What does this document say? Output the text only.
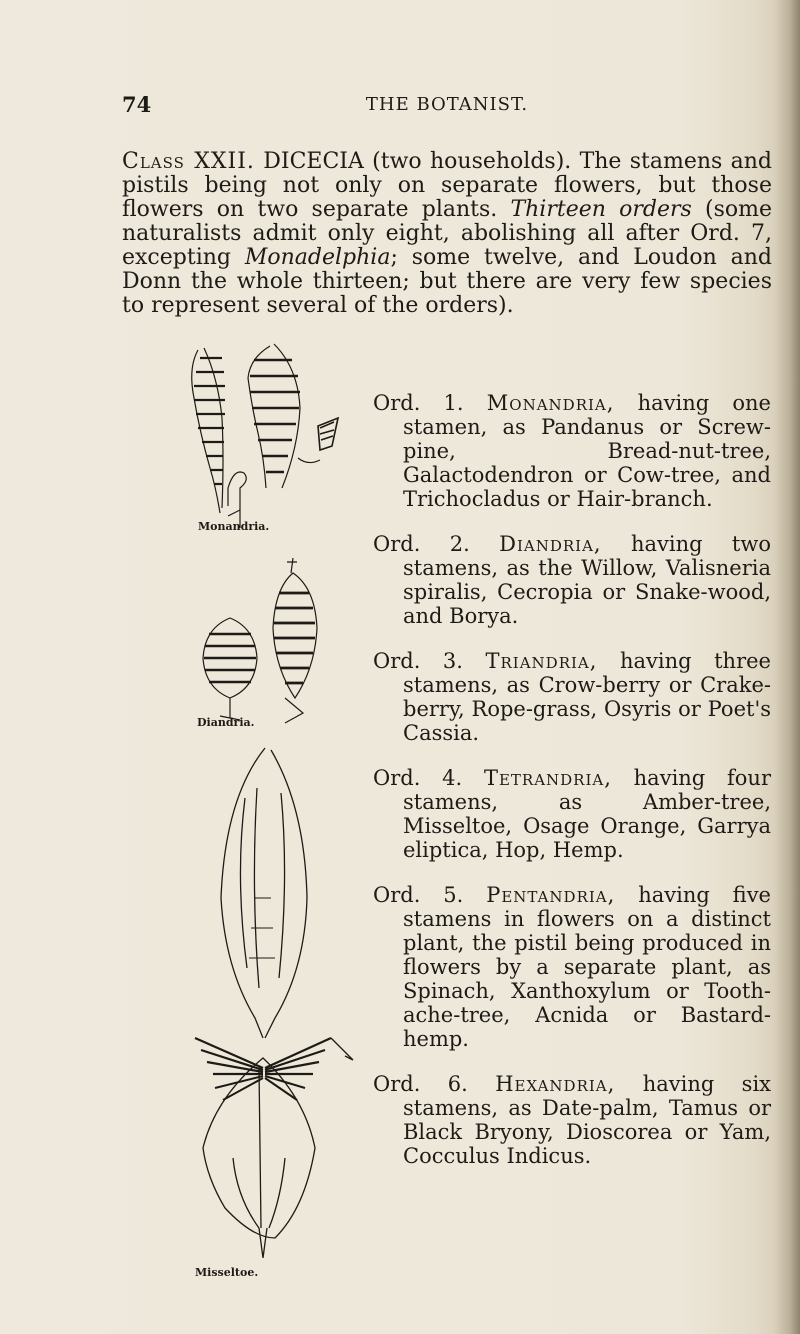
74	THE BOTANIST.
Class XXII. DICECIA (two households). The stamens and pistils being not only on separate flowers, but those flowers on two separate plants. Thirteen orders (some naturalists admit only eight, abolishing all after Ord. 7, excepting Monadelphia; some twelve, and Loudon and Donn the whole thirteen; but there are very few species to represent several of the orders).
Monandria.
Diandria.
Misseltoe.

Ord. 1. Monandria, having one stamen, as Pandanus or Screw-pine, Bread-nut-tree, Galactodendron or Cow-tree, and Trichocladus or Hair-branch.

Ord. 2. Diandria, having two stamens, as the Willow, Valisneria spiralis, Cecropia or Snake-wood, and Borya.

Ord. 3. Triandria, having three stamens, as Crow-berry or Crake-berry, Rope-grass, Osyris or Poet's Cassia.

Ord. 4. Tetrandria, having four stamens, as Amber-tree, Misseltoe, Osage Orange, Garrya eliptica, Hop, Hemp.

Ord. 5. Pentandria, having five stamens in flowers on a distinct plant, the pistil being produced in flowers by a separate plant, as Spinach, Xanthoxylum or Tooth-ache-tree, Acnida or Bastard-hemp.

Ord. 6. Hexandria, having six stamens, as Date-palm, Tamus or Black Bryony, Dioscorea or Yam, Cocculus Indicus.
